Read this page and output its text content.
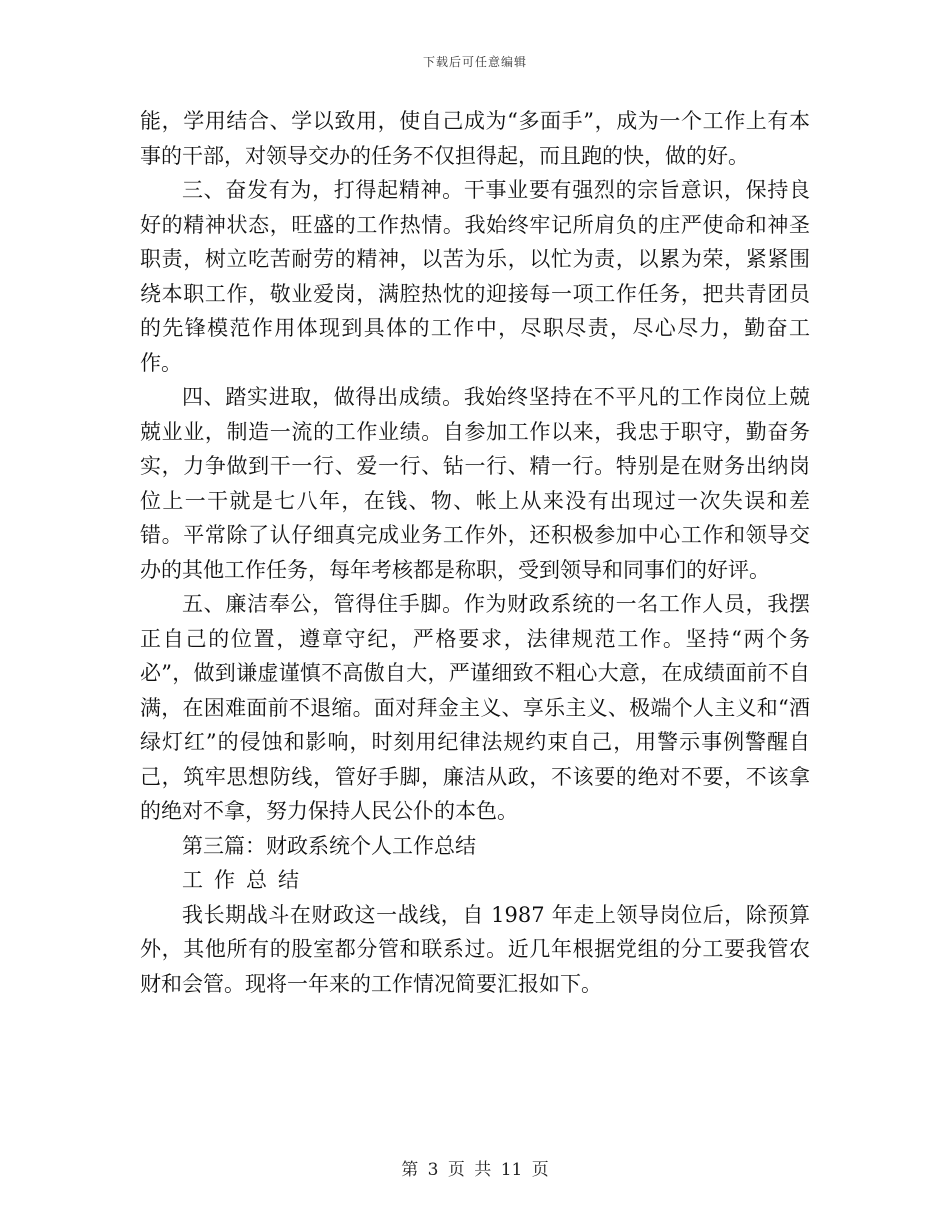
下载后可任意编辑

能，学用结合、学以致用，使自己成为“多面手”，成为一个工作上有本事的干部，对领导交办的任务不仅担得起，而且跑的快，做的好。

三、奋发有为，打得起精神。干事业要有强烈的宗旨意识，保持良好的精神状态，旺盛的工作热情。我始终牢记所肩负的庄严使命和神圣职责，树立吃苦耐劳的精神，以苦为乐，以忙为责，以累为荣，紧紧围绕本职工作，敬业爱岗，满腔热忱的迎接每一项工作任务，把共青团员的先锋模范作用体现到具体的工作中，尽职尽责，尽心尽力，勤奋工作。

四、踏实进取，做得出成绩。我始终坚持在不平凡的工作岗位上兢兢业业，制造一流的工作业绩。自参加工作以来，我忠于职守，勤奋务实，力争做到干一行、爱一行、钻一行、精一行。特别是在财务出纳岗位上一干就是七八年，在钱、物、帐上从来没有出现过一次失误和差错。平常除了认仔细真完成业务工作外，还积极参加中心工作和领导交办的其他工作任务，每年考核都是称职，受到领导和同事们的好评。

五、廉洁奉公，管得住手脚。作为财政系统的一名工作人员，我摆正自己的位置，遵章守纪，严格要求，法律规范工作。坚持“两个务必”，做到谦虚谨慎不高傲自大，严谨细致不粗心大意，在成绩面前不自满，在困难面前不退缩。面对拜金主义、享乐主义、极端个人主义和“酒绿灯红”的侵蚀和影响，时刻用纪律法规约束自己，用警示事例警醒自己，筑牢思想防线，管好手脚，廉洁从政，不该要的绝对不要，不该拿的绝对不拿，努力保持人民公仆的本色。

第三篇：财政系统个人工作总结

工作总结

我长期战斗在财政这一战线，自 1987 年走上领导岗位后，除预算外，其他所有的股室都分管和联系过。近几年根据党组的分工要我管农财和会管。现将一年来的工作情况简要汇报如下。

第 3 页 共 11 页
